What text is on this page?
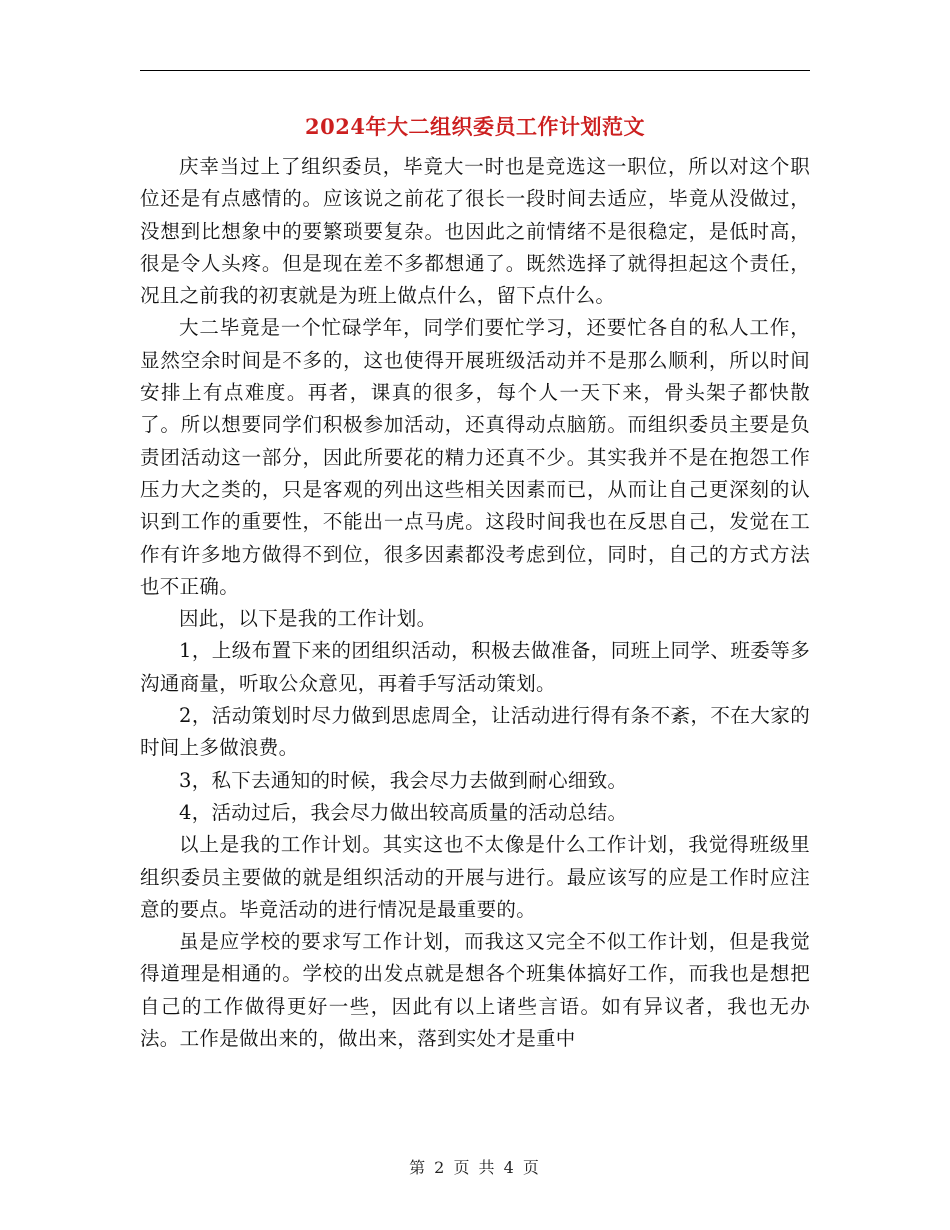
2024年大二组织委员工作计划范文

庆幸当过上了组织委员，毕竟大一时也是竞选这一职位，所以对这个职位还是有点感情的。应该说之前花了很长一段时间去适应，毕竟从没做过，没想到比想象中的要繁琐要复杂。也因此之前情绪不是很稳定，是低时高，很是令人头疼。但是现在差不多都想通了。既然选择了就得担起这个责任，况且之前我的初衷就是为班上做点什么，留下点什么。

大二毕竟是一个忙碌学年，同学们要忙学习，还要忙各自的私人工作，显然空余时间是不多的，这也使得开展班级活动并不是那么顺利，所以时间安排上有点难度。再者，课真的很多，每个人一天下来，骨头架子都快散了。所以想要同学们积极参加活动，还真得动点脑筋。而组织委员主要是负责团活动这一部分，因此所要花的精力还真不少。其实我并不是在抱怨工作压力大之类的，只是客观的列出这些相关因素而已，从而让自己更深刻的认识到工作的重要性，不能出一点马虎。这段时间我也在反思自己，发觉在工作有许多地方做得不到位，很多因素都没考虑到位，同时，自己的方式方法也不正确。

因此，以下是我的工作计划。

1，上级布置下来的团组织活动，积极去做准备，同班上同学、班委等多沟通商量，听取公众意见，再着手写活动策划。

2，活动策划时尽力做到思虑周全，让活动进行得有条不紊，不在大家的时间上多做浪费。

3，私下去通知的时候，我会尽力去做到耐心细致。

4，活动过后，我会尽力做出较高质量的活动总结。

以上是我的工作计划。其实这也不太像是什么工作计划，我觉得班级里组织委员主要做的就是组织活动的开展与进行。最应该写的应是工作时应注意的要点。毕竟活动的进行情况是最重要的。

虽是应学校的要求写工作计划，而我这又完全不似工作计划，但是我觉得道理是相通的。学校的出发点就是想各个班集体搞好工作，而我也是想把自己的工作做得更好一些，因此有以上诸些言语。如有异议者，我也无办法。工作是做出来的，做出来，落到实处才是重中

第 2 页 共 4 页
